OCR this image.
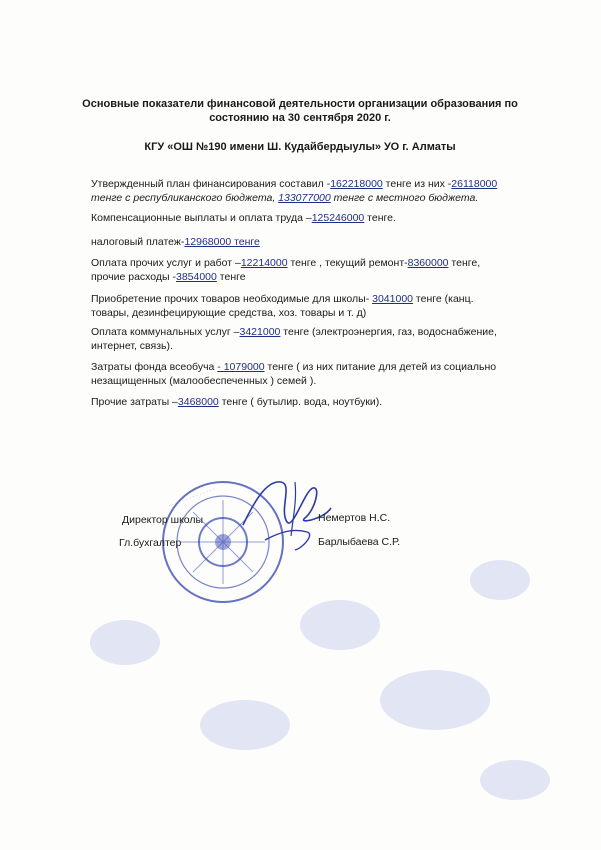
Основные показатели финансовой деятельности организации образования по состоянию на 30 сентября 2020 г.
КГУ «ОШ №190 имени Ш. Кудайбердыулы» УО г. Алматы
Утвержденный план финансирования составил -162218000 тенге из них -26118000
тенге с республиканского бюджета, 133077000 тенге с местного бюджета.
Компенсационные выплаты и оплата труда –125246000 тенге.
налоговый платеж-12968000 тенге
Оплата прочих услуг и работ –12214000 тенге , текущий ремонт-8360000 тенге,
прочие расходы -3854000 тенге
Приобретение прочих товаров необходимые для школы- 3041000 тенге (канц.
товары, дезинфецирующие средства, хоз. товары и т. д)
Оплата коммунальных услуг –3421000 тенге (электроэнергия, газ, водоснабжение,
интернет, связь).
Затраты фонда всеобуча - 1079000 тенге ( из них питание для детей из социально
незащищенных (малообеспеченных ) семей ).
Прочие затраты –3468000 тенге ( бутылир. вода, ноутбуки).
· · · · · · · · · · · · · ·
Директор школы	Немертов Н.С.
Гл.бухгалтер	Барлыбаева С.Р.
